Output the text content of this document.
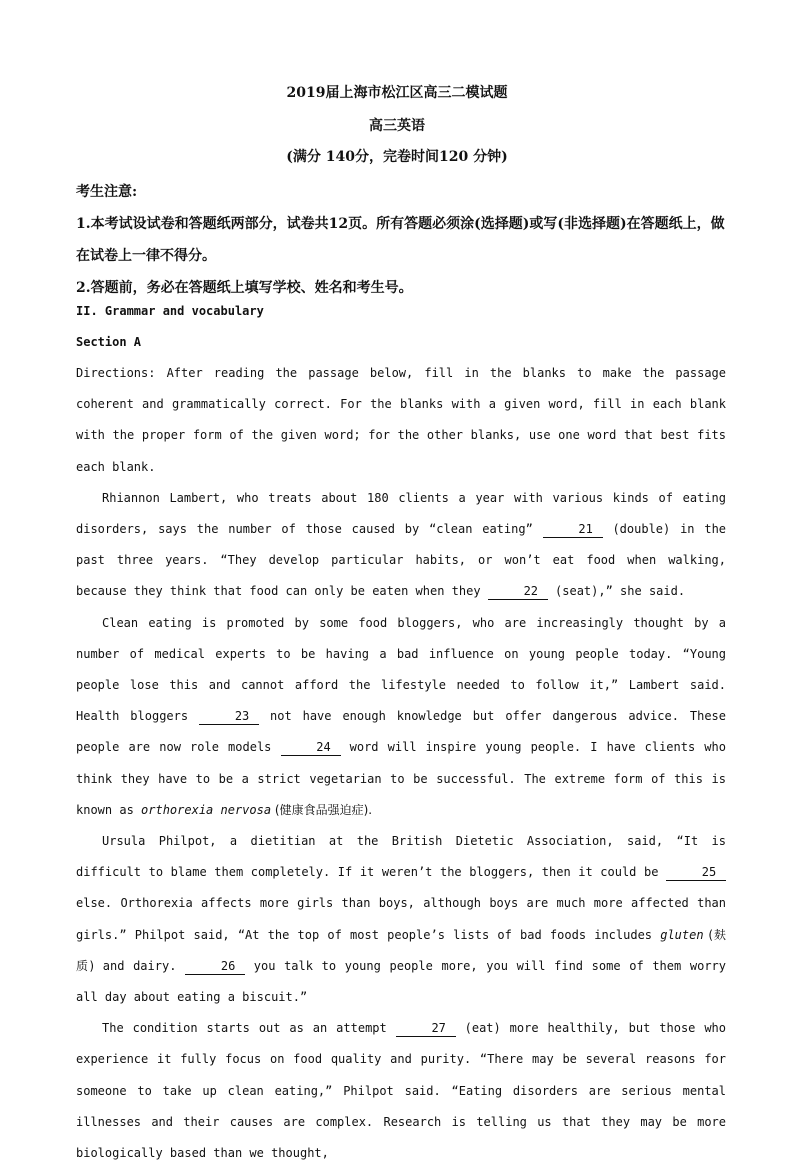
2019届上海市松江区高三二模试题
高三英语
(满分 140分，完卷时间120 分钟)

考生注意:

1.本考试设试卷和答题纸两部分，试卷共12页。所有答题必须涂(选择题)或写(非选择题)在答题纸上，做在试卷上一律不得分。

2.答题前，务必在答题纸上填写学校、姓名和考生号。

II. Grammar and vocabulary
Section A

Directions: After reading the passage below, fill in the blanks to make the passage coherent and grammatically correct. For the blanks with a given word, fill in each blank with the proper form of the given word; for the other blanks, use one word that best fits each blank.

Rhiannon Lambert, who treats about 180 clients a year with various kinds of eating disorders, says the number of those caused by “clean eating”	21 (double) in the past three years. “They develop particular habits, or won’t eat food when walking, because they think that food can only be eaten when they	22 (seat),” she said.

Clean eating is promoted by some food bloggers, who are increasingly thought by a number of medical experts to be having a bad influence on young people today. “Young people lose this and cannot afford the lifestyle needed to follow it,” Lambert said. Health bloggers	23 not have enough knowledge but offer dangerous advice. These people are now role models	24 word will inspire young people. I have clients who think they have to be a strict vegetarian to be successful. The extreme form of this is known as orthorexia nervosa (健康食品强迫症).

Ursula Philpot, a dietitian at the British Dietetic Association, said, “It is difficult to blame them completely. If it weren’t the bloggers, then it could be	25 else. Orthorexia affects more girls than boys, although boys are much more affected than girls.” Philpot said, “At the top of most people’s lists of bad foods includes gluten (麸质) and dairy.	26 you talk to young people more, you will find some of them worry all day about eating a biscuit.”

The condition starts out as an attempt	27 (eat) more healthily, but those who experience it fully focus on food quality and purity. “There may be several reasons for someone to take up clean eating,” Philpot said. “Eating disorders are serious mental illnesses and their causes are complex. Research is telling us that they may be more biologically based than we thought,
